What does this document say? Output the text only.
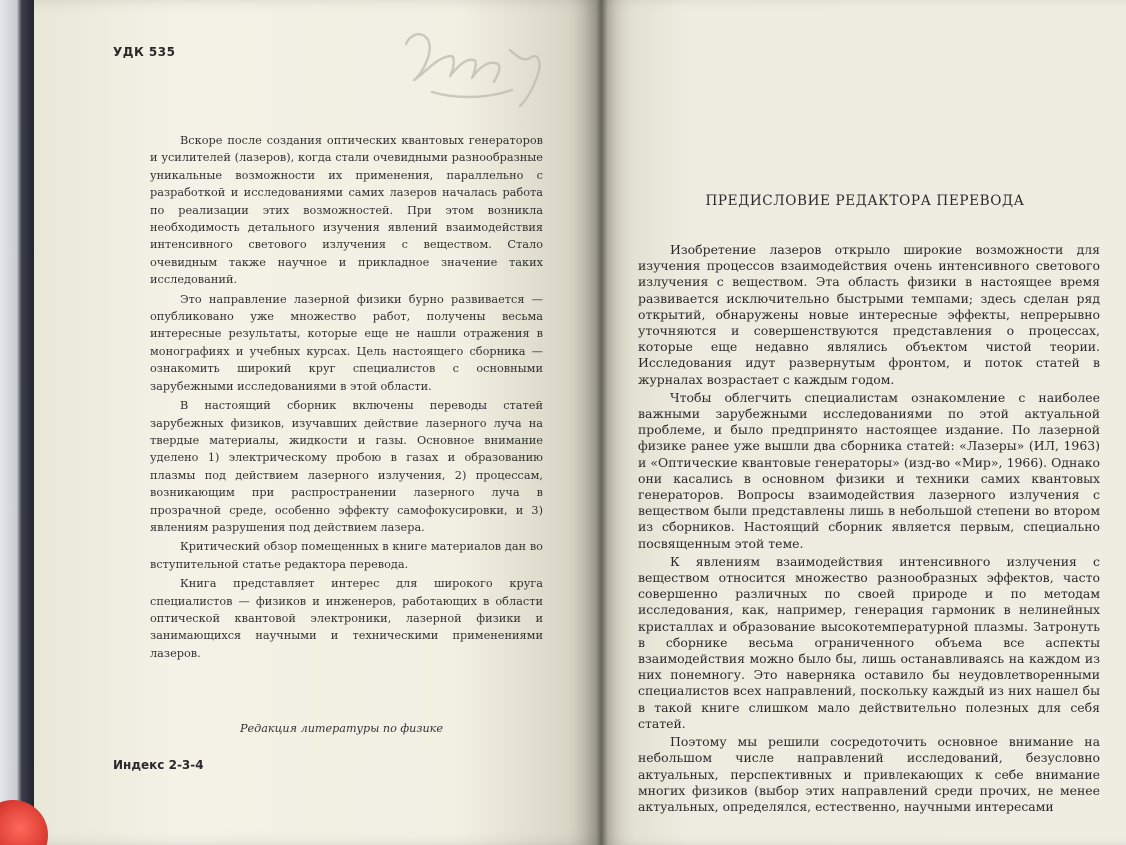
УДК 535

Вскоре после создания оптических квантовых генераторов и усилителей (лазеров), когда стали очевидными разнообразные уникальные возможности их применения, параллельно с разработкой и исследованиями самих лазеров началась работа по реализации этих возможностей. При этом возникла необходимость детального изучения явлений взаимодействия интенсивного светового излучения с веществом. Стало очевидным также научное и прикладное значение таких исследований.

Это направление лазерной физики бурно развивается — опубликовано уже множество работ, получены весьма интересные результаты, которые еще не нашли отражения в монографиях и учебных курсах. Цель настоящего сборника — ознакомить широкий круг специалистов с основными зарубежными исследованиями в этой области.

В настоящий сборник включены переводы статей зарубежных физиков, изучавших действие лазерного луча на твердые материалы, жидкости и газы. Основное внимание уделено 1) электрическому пробою в газах и образованию плазмы под действием лазерного излучения, 2) процессам, возникающим при распространении лазерного луча в прозрачной среде, особенно эффекту самофокусировки, и 3) явлениям разрушения под действием лазера.

Критический обзор помещенных в книге материалов дан во вступительной статье редактора перевода.

Книга представляет интерес для широкого круга специалистов — физиков и инженеров, работающих в области оптической квантовой электроники, лазерной физики и занимающихся научными и техническими применениями лазеров.

Редакция литературы по физике
Индекс 2-3-4
ПРЕДИСЛОВИЕ РЕДАКТОРА ПЕРЕВОДА

Изобретение лазеров открыло широкие возможности для изучения процессов взаимодействия очень интенсивного светового излучения с веществом. Эта область физики в настоящее время развивается исключительно быстрыми темпами; здесь сделан ряд открытий, обнаружены новые интересные эффекты, непрерывно уточняются и совершенствуются представления о процессах, которые еще недавно являлись объектом чистой теории. Исследования идут развернутым фронтом, и поток статей в журналах возрастает с каждым годом.

Чтобы облегчить специалистам ознакомление с наиболее важными зарубежными исследованиями по этой актуальной проблеме, и было предпринято настоящее издание. По лазерной физике ранее уже вышли два сборника статей: «Лазеры» (ИЛ, 1963) и «Оптические квантовые генераторы» (изд-во «Мир», 1966). Однако они касались в основном физики и техники самих квантовых генераторов. Вопросы взаимодействия лазерного излучения с веществом были представлены лишь в небольшой степени во втором из сборников. Настоящий сборник является первым, специально посвященным этой теме.

К явлениям взаимодействия интенсивного излучения с веществом относится множество разнообразных эффектов, часто совершенно различных по своей природе и по методам исследования, как, например, генерация гармоник в нелинейных кристаллах и образование высокотемпературной плазмы. Затронуть в сборнике весьма ограниченного объема все аспекты взаимодействия можно было бы, лишь останавливаясь на каждом из них понемногу. Это наверняка оставило бы неудовлетворенными специалистов всех направлений, поскольку каждый из них нашел бы в такой книге слишком мало действительно полезных для себя статей.

Поэтому мы решили сосредоточить основное внимание на небольшом числе направлений исследований, безусловно актуальных, перспективных и привлекающих к себе внимание многих физиков (выбор этих направлений среди прочих, не менее актуальных, определялся, естественно, научными интересами
